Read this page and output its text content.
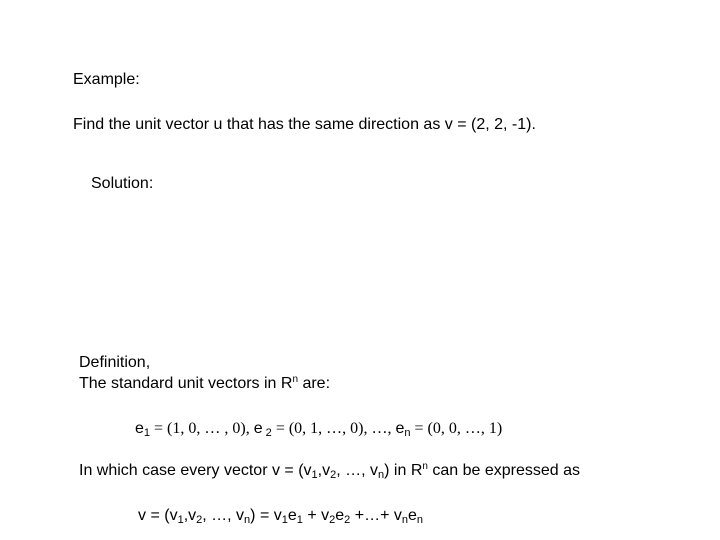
Example:
Find the unit vector u that has the same direction as v = (2, 2, -1).
Solution:
Definition,
The standard unit vectors in $R^n$ are:
$e_1 = (1$, 0, … , 0), e $_2$ = (0, 1, …, 0), …, $e_n = (0$, 0, …, 1)
In which case every vector $v = (v_1,v_2$, …, $v_n$) in $R^n$ can be expressed as
$v = (v_1,v_2$, …, $v_n) = v_1e_1 + v_2e_2$ +…+ $v_ne_n$
